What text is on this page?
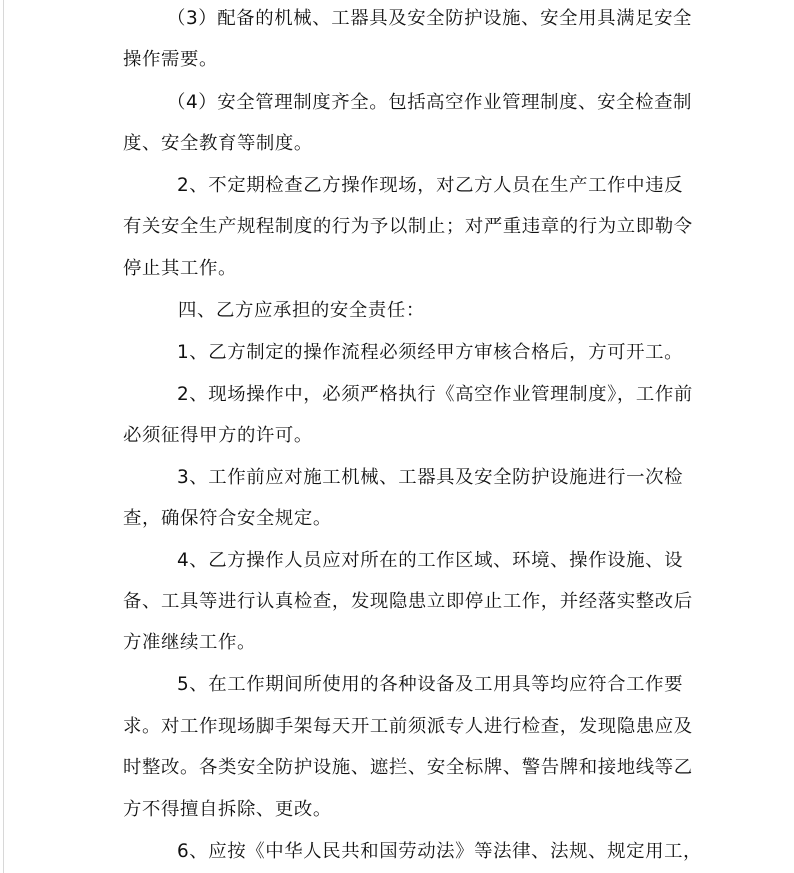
（3）配备的机械、工器具及安全防护设施、安全用具满足安全
操作需要。
（4）安全管理制度齐全。包括高空作业管理制度、安全检查制
度、安全教育等制度。
2、不定期检查乙方操作现场，对乙方人员在生产工作中违反
有关安全生产规程制度的行为予以制止；对严重违章的行为立即勒令
停止其工作。
四、乙方应承担的安全责任：
1、乙方制定的操作流程必须经甲方审核合格后，方可开工。
2、现场操作中，必须严格执行《高空作业管理制度》，工作前
必须征得甲方的许可。
3、工作前应对施工机械、工器具及安全防护设施进行一次检
查，确保符合安全规定。
4、乙方操作人员应对所在的工作区域、环境、操作设施、设
备、工具等进行认真检查，发现隐患立即停止工作，并经落实整改后
方准继续工作。
5、在工作期间所使用的各种设备及工用具等均应符合工作要
求。对工作现场脚手架每天开工前须派专人进行检查，发现隐患应及
时整改。各类安全防护设施、遮拦、安全标牌、警告牌和接地线等乙
方不得擅自拆除、更改。
6、应按《中华人民共和国劳动法》等法律、法规、规定用工，
